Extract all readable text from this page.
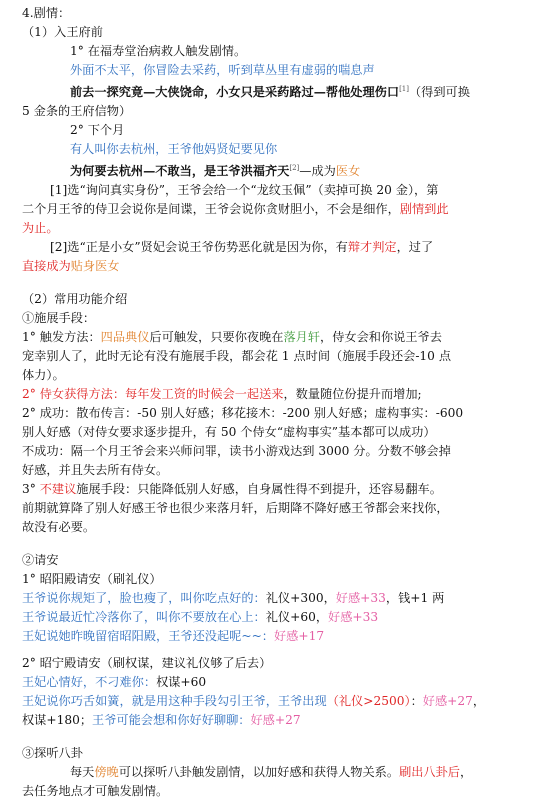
4.剧情：
（1）入王府前
1° 在福寿堂治病救人触发剧情。
外面不太平，你冒险去采药，听到草丛里有虚弱的喘息声
前去一探究竟—大侠饶命，小女只是采药路过—帮他处理伤口[1]（得到可换
5 金条的王府信物）
2° 下个月
有人叫你去杭州，王爷他妈贤妃要见你
为何要去杭州—不敢当，是王爷洪福齐天[2]—成为医女
[1]选“询问真实身份”，王爷会给一个“龙纹玉佩”（卖掉可换 20 金），第
二个月王爷的侍卫会说你是间谍，王爷会说你贪财胆小，不会是细作，剧情到此
为止。
[2]选“正是小女”贤妃会说王爷伤势恶化就是因为你，有辩才判定，过了
直接成为贴身医女
（2）常用功能介绍
①施展手段：
1° 触发方法：四品典仪后可触发，只要你夜晚在落月轩，侍女会和你说王爷去
宠幸别人了，此时无论有没有施展手段，都会花 1 点时间（施展手段还会-10 点
体力）。
2° 侍女获得方法：每年发工资的时候会一起送来，数量随位份提升而增加;
2° 成功：散布传言：-50 别人好感；移花接木：-200 别人好感；虚构事实：-600
别人好感（对侍女要求逐步提升，有 50 个侍女“虚构事实”基本都可以成功）
不成功：隔一个月王爷会来兴师问罪，读书小游戏达到 3000 分。分数不够会掉
好感，并且失去所有侍女。
3° 不建议施展手段：只能降低别人好感，自身属性得不到提升，还容易翻车。
前期就算降了别人好感王爷也很少来落月轩，后期降不降好感王爷都会来找你，
故没有必要。
②请安
1° 昭阳殿请安（刷礼仪）
王爷说你规矩了，脸也瘦了，叫你吃点好的：礼仪+300，好感+33，钱+1 两
王爷说最近忙冷落你了，叫你不要放在心上：礼仪+60，好感+33
王妃说她昨晚留宿昭阳殿，王爷还没起呢~~：好感+17
2° 昭宁殿请安（刷权谋，建议礼仪够了后去）
王妃心情好，不刁难你：权谋+60
王妃说你巧舌如簧，就是用这种手段勾引王爷，王爷出现（礼仪>2500）：好感+27，
权谋+180；王爷可能会想和你好好聊聊：好感+27
③探听八卦
每天傍晚可以探听八卦触发剧情，以加好感和获得人物关系。刷出八卦后，
去任务地点才可触发剧情。
